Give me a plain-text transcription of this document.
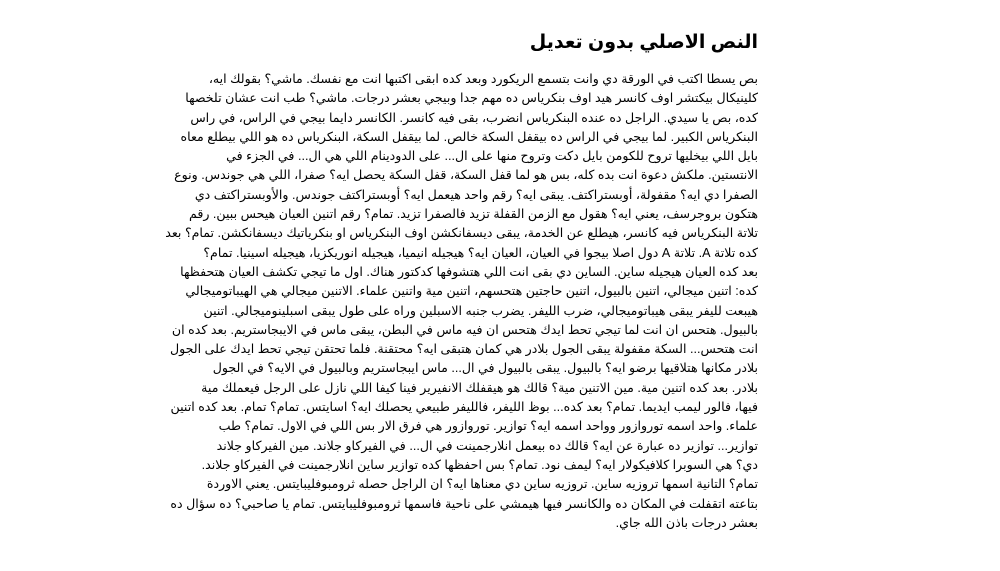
النص الاصلي بدون تعديل
بص يسطا اكتب في الورقة دي وانت بتسمع الريكورد وبعد كده ابقى اكتبها انت مع نفسك. ماشي؟ بقولك ايه،
كلينيكال بيكتشر اوف كانسر هيد اوف بنكرياس ده مهم جدا وبيجي بعشر درجات. ماشي؟ طب انت عشان تلخصها
كده، بص يا سيدي. الراجل ده عنده البنكرياس انضرب، بقى فيه كانسر. الكانسر دايما بيجي في الراس، في راس
البنكرياس الكبير. لما بيجي في الراس ده بيقفل السكة خالص. لما بيقفل السكة، البنكرياس ده هو اللي بيطلع معاه
بايل اللي بيخليها تروح للكومن بايل دكت وتروح منها على ال... على الدودينام اللي هي ال... في الجزء في
الانتستين. ملكش دعوة انت بده كله، بس هو لما قفل السكة، قفل السكة يحصل ايه؟ صفرا، اللي هي جوندس. ونوع
الصفرا دي ايه؟ مقفولة، أوبستراكتف. يبقى ايه؟ رقم واحد هيعمل ايه؟ أوبستراكتف جوندس. والأوبستراكتف دي
هتكون بروجرسف، يعني ايه؟ هقول مع الزمن القفلة تزيد فالصفرا تزيد. تمام؟ رقم اتنين العيان هيحس ببين. رقم
تلاتة البنكرياس فيه كانسر، هيطلع عن الخدمة، يبقى ديسفانكشن اوف البنكرياس او بنكرياتيك ديسفانكشن. تمام؟ بعد
كده تلاتة A. تلاتة A دول اصلا بيجوا في العيان، العيان ايه؟ هيجيله انيميا، هيجيله انوريكزيا، هيجيله اسينيا. تمام؟
بعد كده العيان هيجيله ساين. الساين دي بقى انت اللي هتشوفها كدكتور هناك. اول ما تيجي تكشف العيان هتحفظها
كده: اتنين ميجالي، اتنين بالبيول، اتنين حاجتين هتحسهم، اتنين مية واتنين علماء. الاتنين ميجالي هي الهيباتوميجالي
هيبعت لليفر يبقى هيباتوميجالي، ضرب الليفر. يضرب جنبه الاسبلين وراه على طول يبقى اسبلينوميجالي. اتنين
بالبيول. هتحس ان انت لما تيجي تحط ايدك هتحس ان فيه ماس في البطن، يبقى ماس في الايبجاستريم. بعد كده ان
انت هتحس... السكة مقفولة يبقى الجول بلادر هي كمان هتبقى ايه؟ محتقنة. فلما تحتقن تيجي تحط ايدك على الجول
بلادر مكانها هتلاقيها برضو ايه؟ بالبيول. يبقى بالبيول في ال... ماس ايبجاستريم وبالبيول في الايه؟ في الجول
بلادر. بعد كده اتنين مية. مين الاتنين مية؟ قالك هو هيقفلك الانفيرير فينا كيفا اللي نازل على الرجل فيعملك مية
فيها، فالور ليمب ايديما. تمام؟ بعد كده... بوظ الليفر، فالليفر طبيعي يحصلك ايه؟ اسايتس. تمام؟ تمام. بعد كده اتنين
علماء. واحد اسمه توروازور وواحد اسمه ايه؟ توازير. توروازور هي فرق الار بس اللي في الاول. تمام؟ طب
توازير... توازير ده عبارة عن ايه؟ قالك ده بيعمل انلارجمينت في ال... في الفيركاو جلاند. مين الفيركاو جلاند
دي؟ هي السوبرا كلافيكولار ايه؟ ليمف نود. تمام؟ بس احفظها كده توازير ساين انلارجمينت في الفيركاو جلاند.
تمام؟ التانية اسمها تروزيه ساين. تروزيه ساين دي معناها ايه؟ ان الراجل حصله ثرومبوفليبايتس. يعني الاوردة
بتاعته اتقفلت في المكان ده والكانسر فيها هيمشي على ناحية فاسمها ثرومبوفليبايتس. تمام يا صاحبي؟ ده سؤال ده
بعشر درجات باذن الله جاي.
